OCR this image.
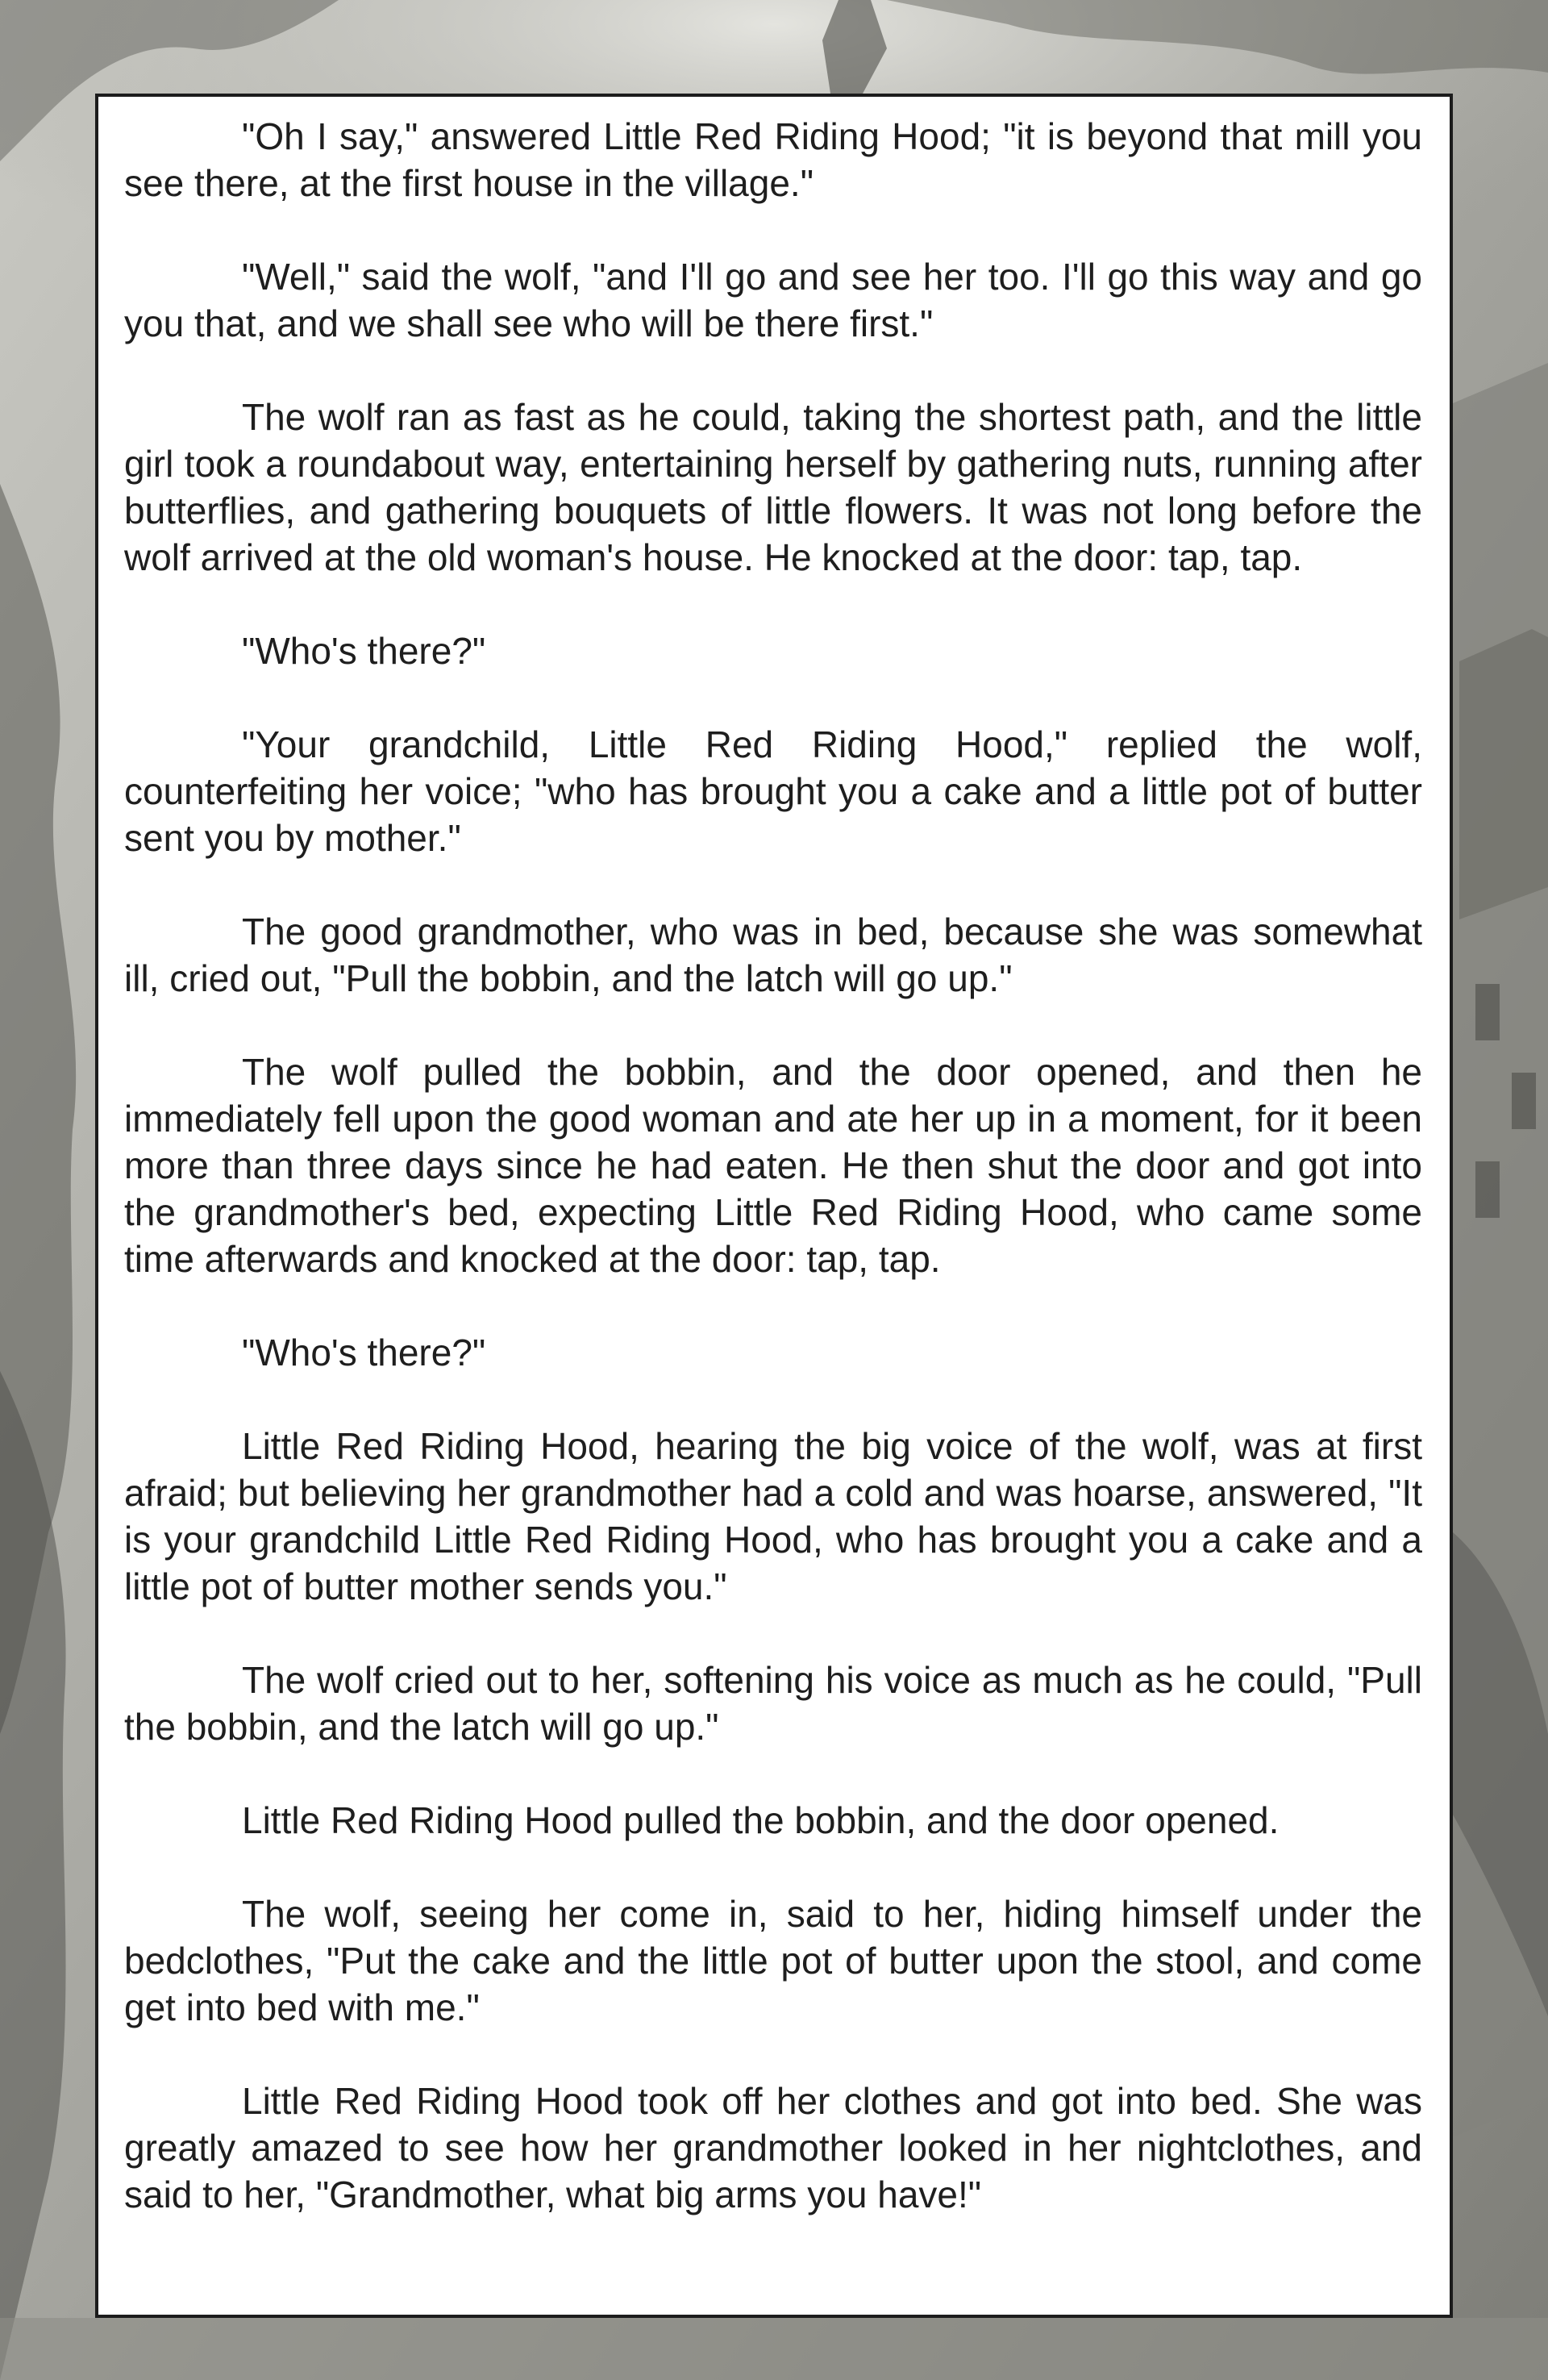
"Oh I say," answered Little Red Riding Hood; "it is beyond that mill you see there, at the first house in the village."

"Well," said the wolf, "and I'll go and see her too. I'll go this way and go you that, and we shall see who will be there first."

The wolf ran as fast as he could, taking the shortest path, and the little girl took a roundabout way, entertaining herself by gathering nuts, running after butterflies, and gathering bouquets of little flowers. It was not long before the wolf arrived at the old woman's house. He knocked at the door: tap, tap.

"Who's there?"

"Your grandchild, Little Red Riding Hood," replied the wolf, counterfeiting her voice; "who has brought you a cake and a little pot of butter sent you by mother."

The good grandmother, who was in bed, because she was somewhat ill, cried out, "Pull the bobbin, and the latch will go up."

The wolf pulled the bobbin, and the door opened, and then he immediately fell upon the good woman and ate her up in a moment, for it been more than three days since he had eaten. He then shut the door and got into the grandmother's bed, expecting Little Red Riding Hood, who came some time afterwards and knocked at the door: tap, tap.

"Who's there?"

Little Red Riding Hood, hearing the big voice of the wolf, was at first afraid; but believing her grandmother had a cold and was hoarse, answered, "It is your grandchild Little Red Riding Hood, who has brought you a cake and a little pot of butter mother sends you."

The wolf cried out to her, softening his voice as much as he could, "Pull the bobbin, and the latch will go up."

Little Red Riding Hood pulled the bobbin, and the door opened.

The wolf, seeing her come in, said to her, hiding himself under the bedclothes, "Put the cake and the little pot of butter upon the stool, and come get into bed with me."

Little Red Riding Hood took off her clothes and got into bed. She was greatly amazed to see how her grandmother looked in her nightclothes, and said to her, "Grandmother, what big arms you have!"
